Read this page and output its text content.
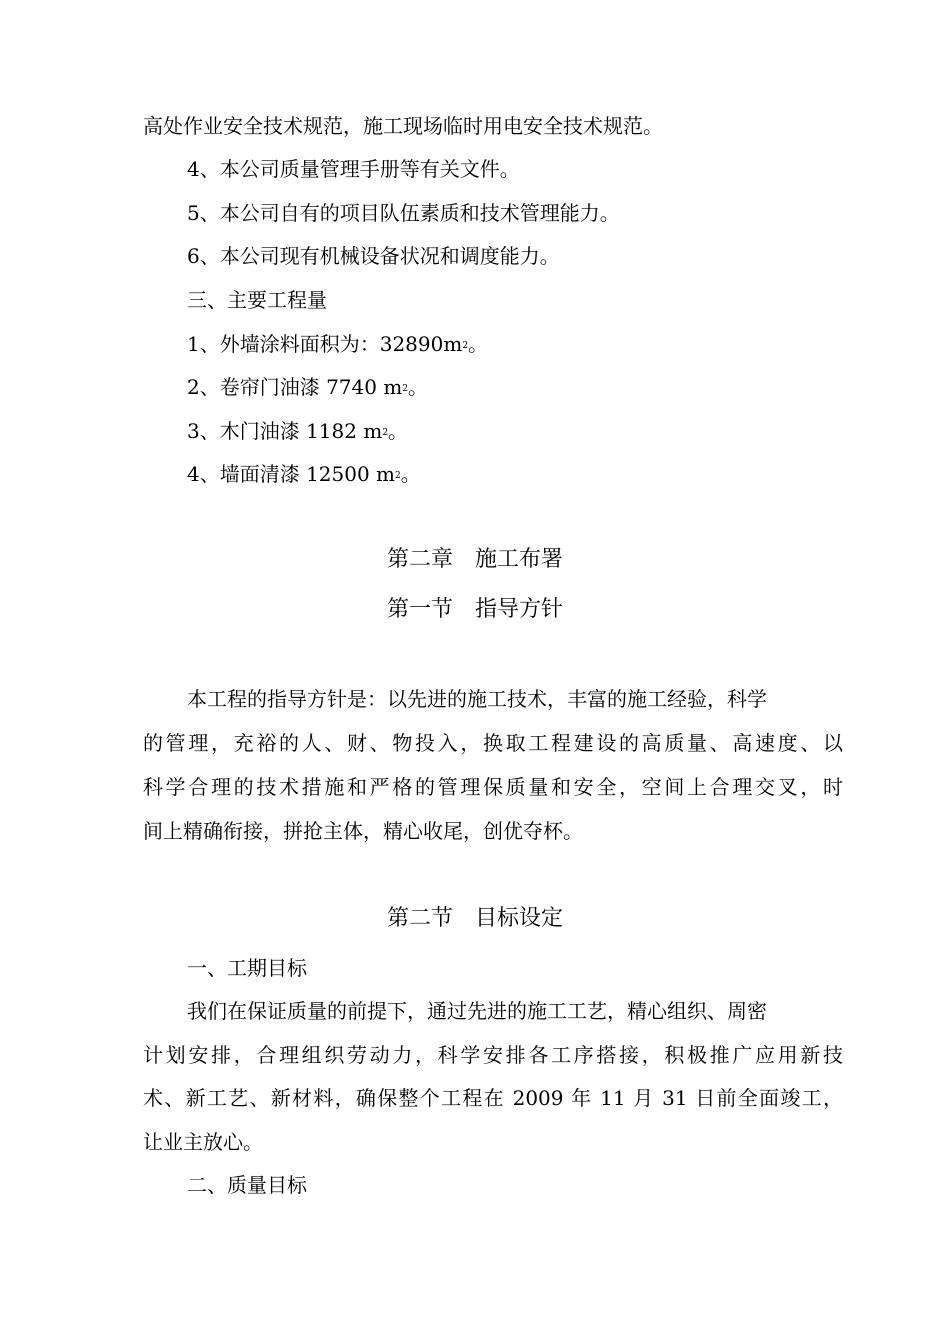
高处作业安全技术规范，施工现场临时用电安全技术规范。
4、本公司质量管理手册等有关文件。
5、本公司自有的项目队伍素质和技术管理能力。
6、本公司现有机械设备状况和调度能力。
三、主要工程量
1、外墙涂料面积为：$32890m^2$。
2、卷帘门油漆 7740 $m^2$。
3、木门油漆 1182 $m^2$。
4、墙面清漆 12500 $m^2$。
第二章　施工布署
第一节　指导方针
本工程的指导方针是：以先进的施工技术，丰富的施工经验，科学
的管理，充裕的人、财、物投入，换取工程建设的高质量、高速度、以
科学合理的技术措施和严格的管理保质量和安全，空间上合理交叉，时
间上精确衔接，拼抢主体，精心收尾，创优夺杯。
第二节　目标设定
一、工期目标
我们在保证质量的前提下，通过先进的施工工艺，精心组织、周密
计划安排，合理组织劳动力，科学安排各工序搭接，积极推广应用新技
术、新工艺、新材料，确保整个工程在 2009 年 11 月 31 日前全面竣工，
让业主放心。
二、质量目标
